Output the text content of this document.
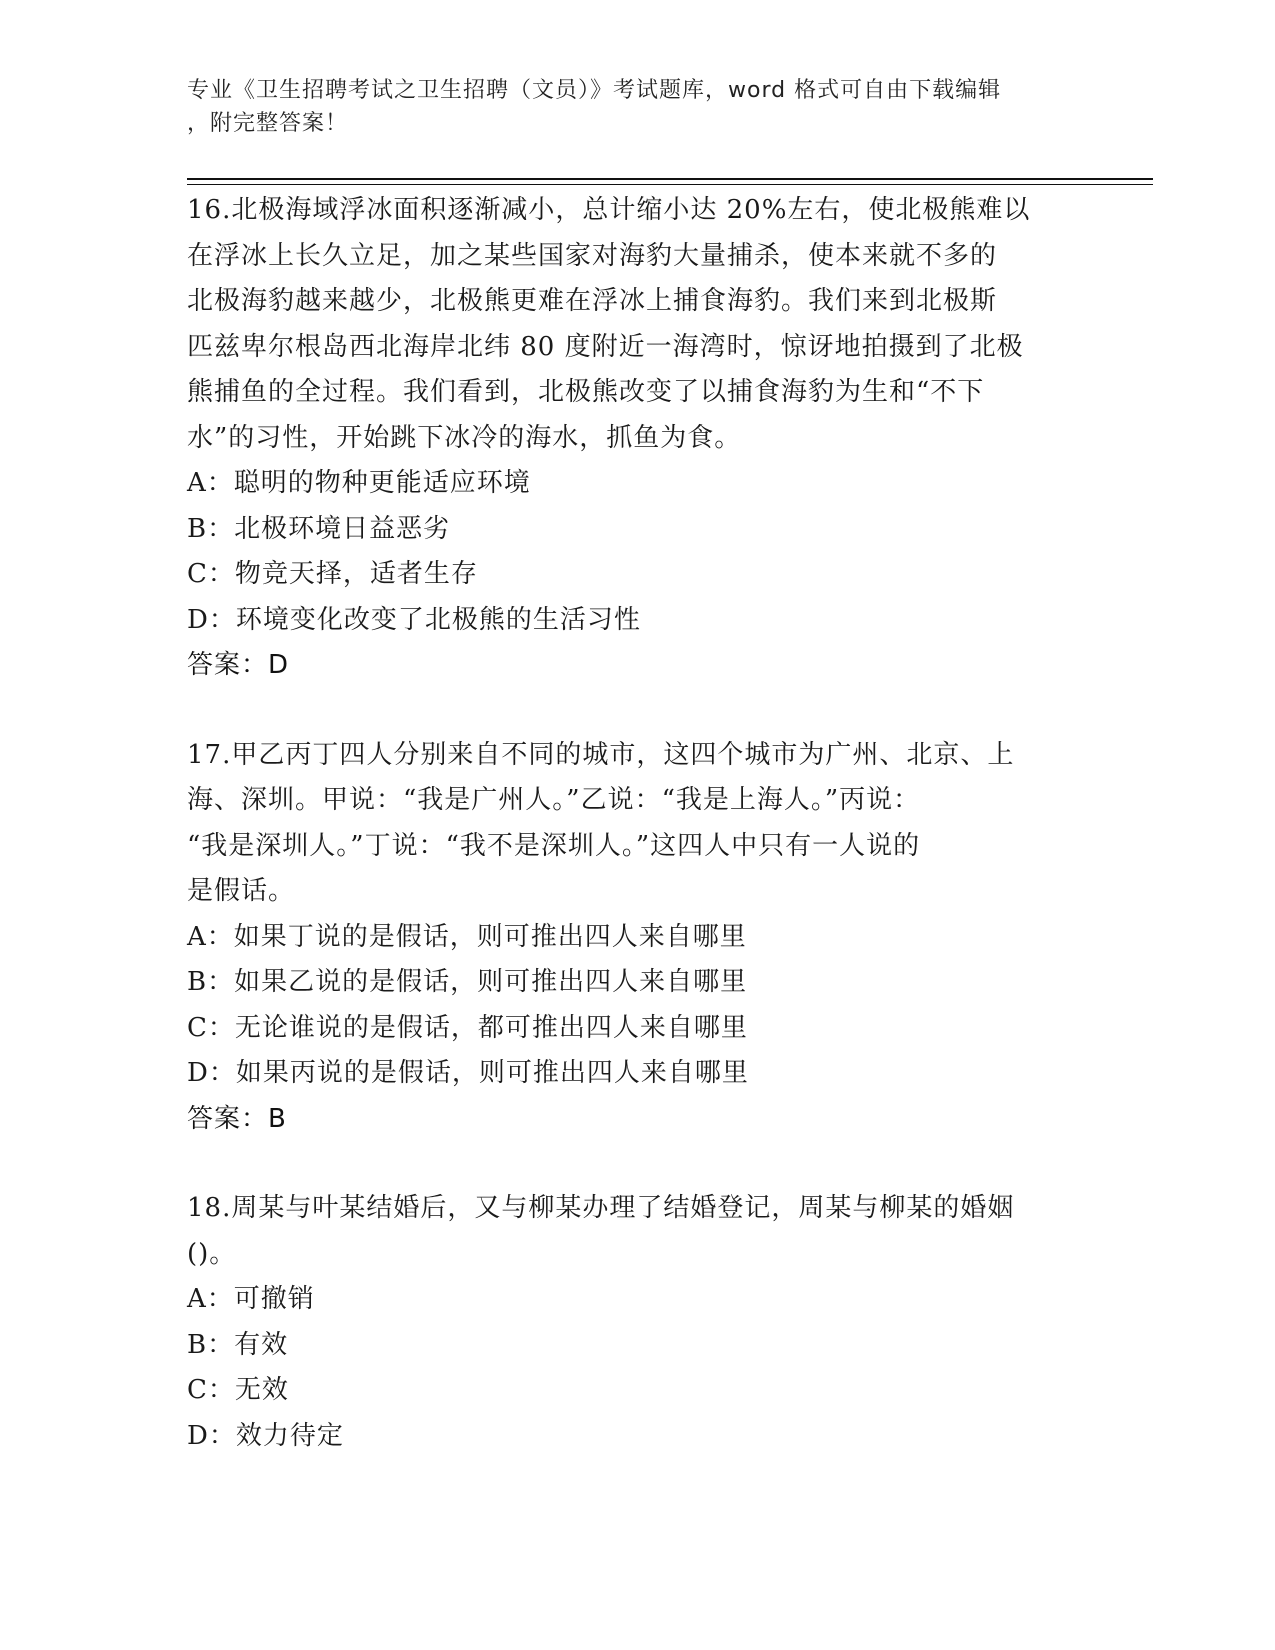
专业《卫生招聘考试之卫生招聘（文员）》考试题库，word 格式可自由下载编辑
，附完整答案！
16.北极海域浮冰面积逐渐减小，总计缩小达 20%左右，使北极熊难以
在浮冰上长久立足，加之某些国家对海豹大量捕杀，使本来就不多的
北极海豹越来越少，北极熊更难在浮冰上捕食海豹。我们来到北极斯
匹兹卑尔根岛西北海岸北纬 80 度附近一海湾时，惊讶地拍摄到了北极
熊捕鱼的全过程。我们看到，北极熊改变了以捕食海豹为生和“不下
水”的习性，开始跳下冰冷的海水，抓鱼为食。
A：聪明的物种更能适应环境
B：北极环境日益恶劣
C：物竞天择，适者生存
D：环境变化改变了北极熊的生活习性
答案：D
17.甲乙丙丁四人分别来自不同的城市，这四个城市为广州、北京、上
海、深圳。甲说：“我是广州人。”乙说：“我是上海人。”丙说：
“我是深圳人。”丁说：“我不是深圳人。”这四人中只有一人说的
是假话。
A：如果丁说的是假话，则可推出四人来自哪里
B：如果乙说的是假话，则可推出四人来自哪里
C：无论谁说的是假话，都可推出四人来自哪里
D：如果丙说的是假话，则可推出四人来自哪里
答案：B
18.周某与叶某结婚后，又与柳某办理了结婚登记，周某与柳某的婚姻
()。
A：可撤销
B：有效
C：无效
D：效力待定
